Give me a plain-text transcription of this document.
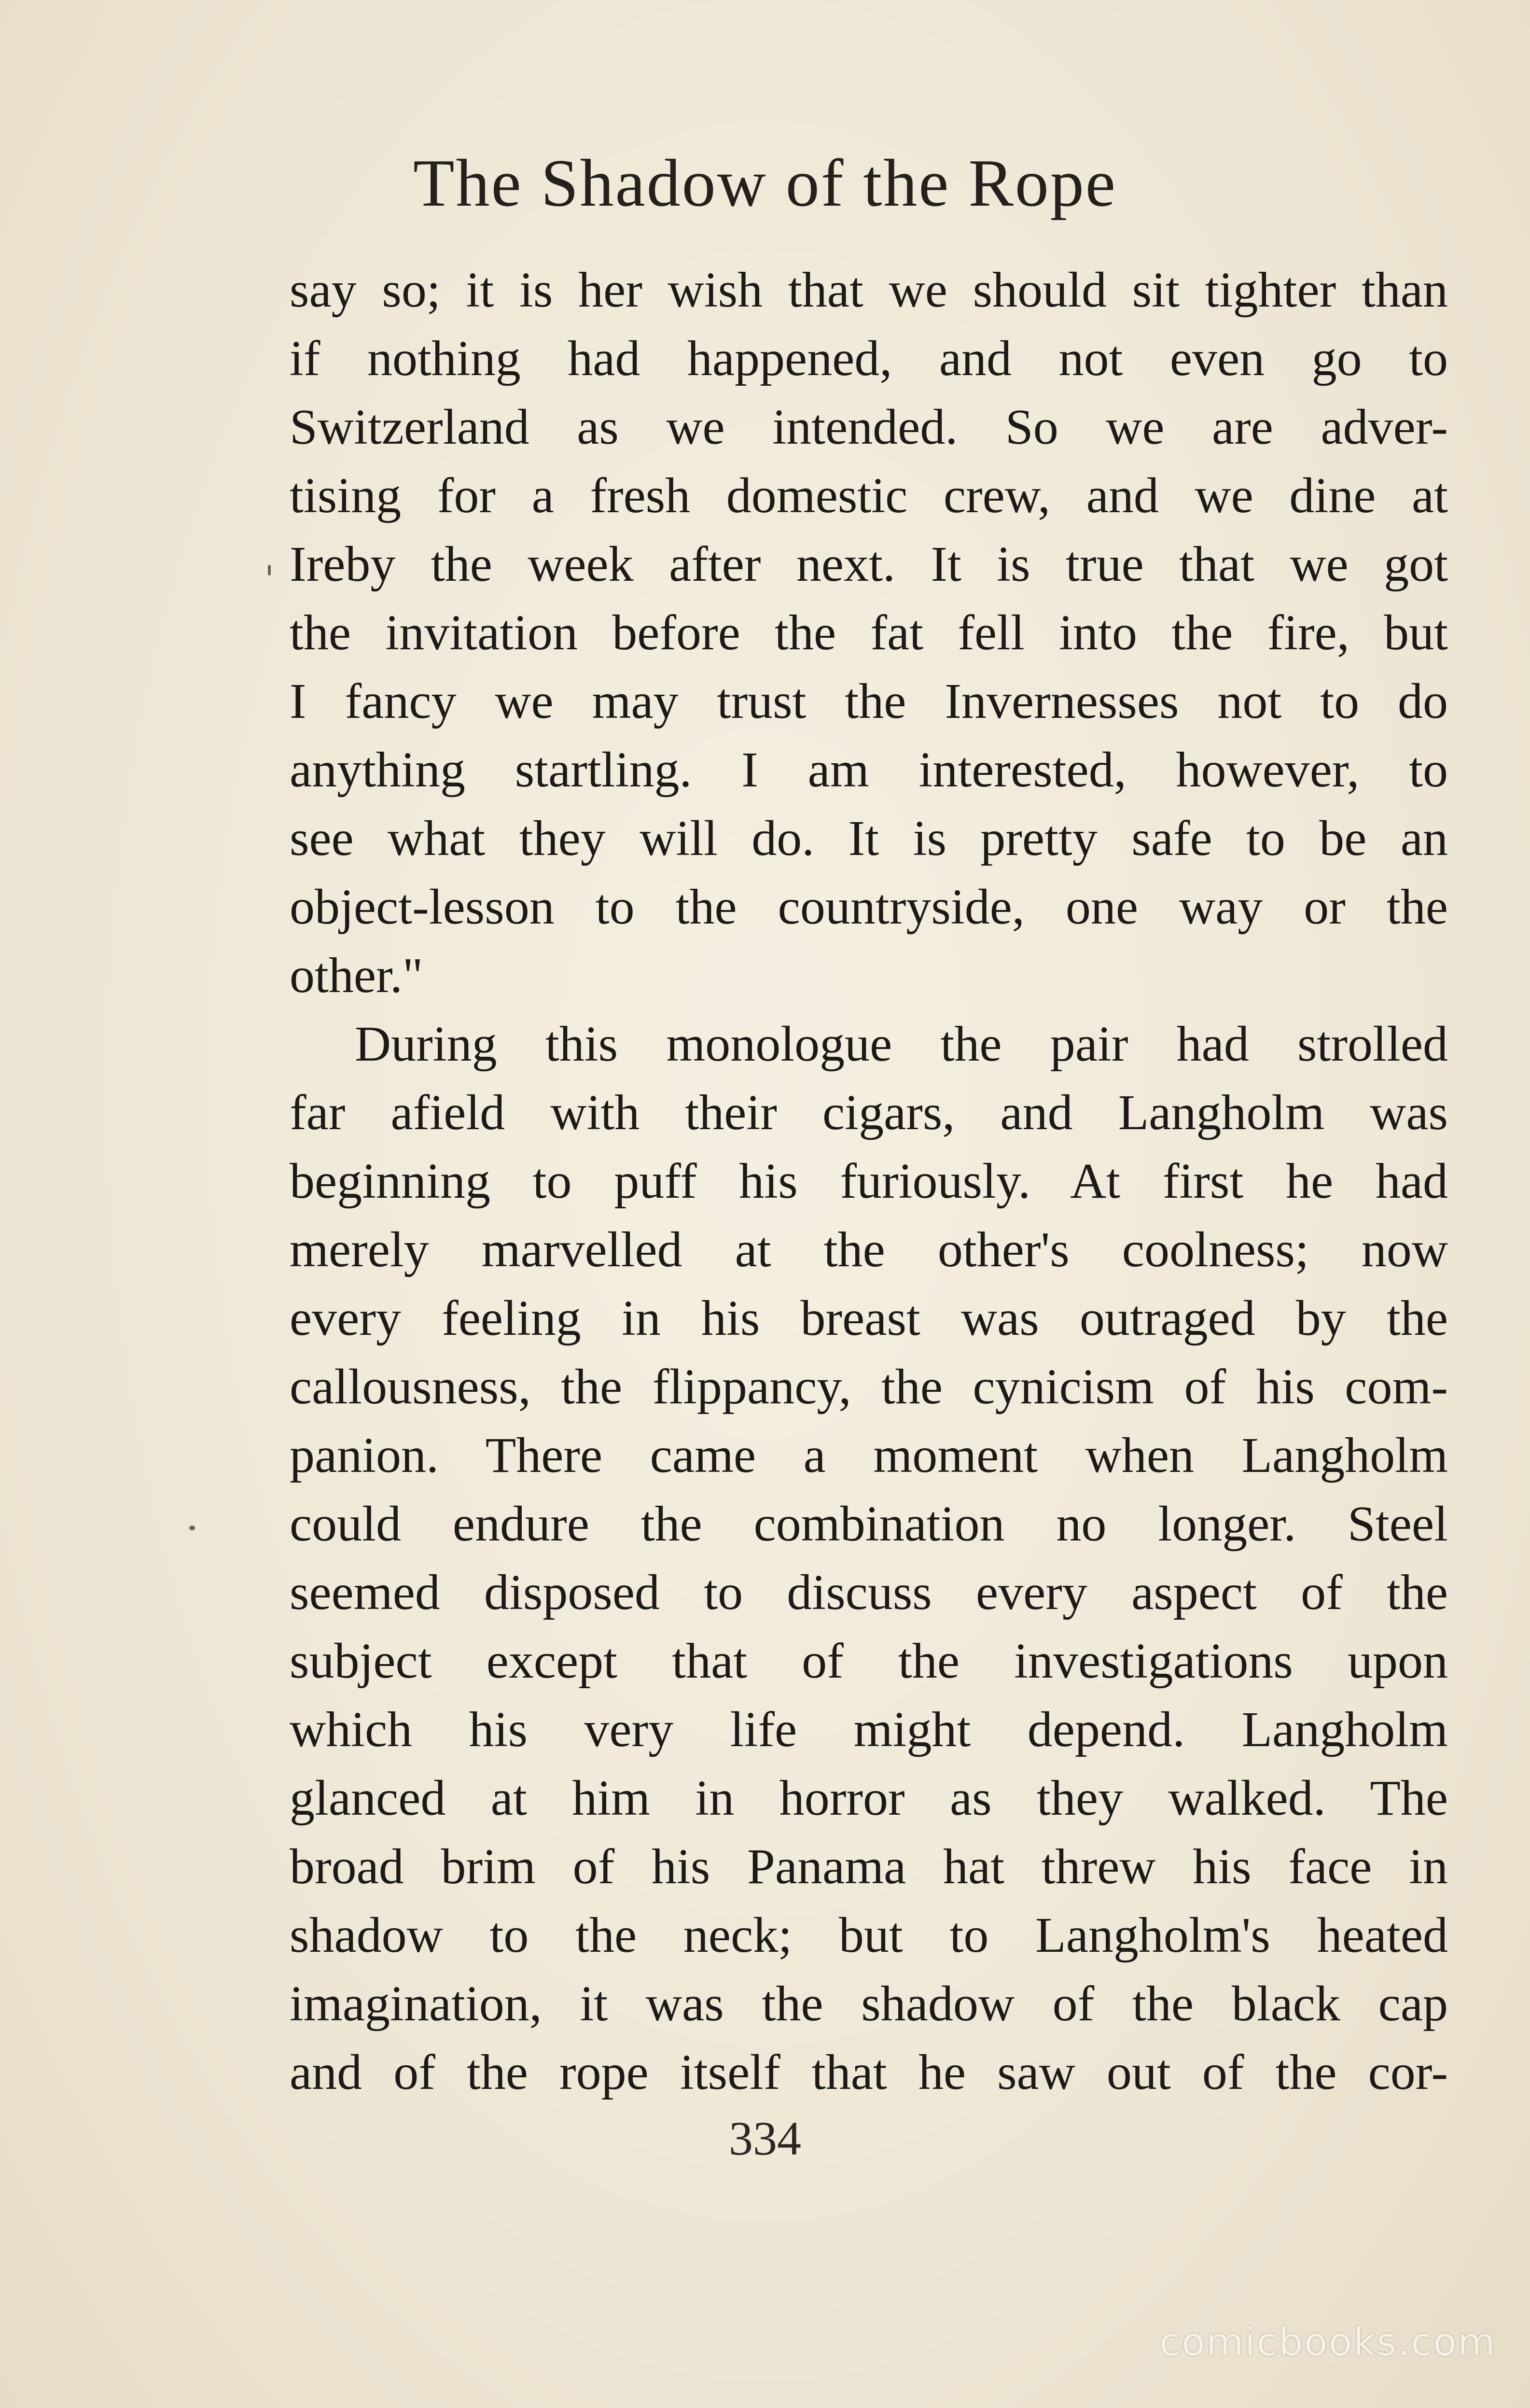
The Shadow of the Rope
say so; it is her wish that we should sit tighter than
if nothing had happened, and not even go to
Switzerland as we intended. So we are adver-
tising for a fresh domestic crew, and we dine at
Ireby the week after next. It is true that we got
the invitation before the fat fell into the fire, but
I fancy we may trust the Invernesses not to do
anything startling. I am interested, however, to
see what they will do. It is pretty safe to be an
object-lesson to the countryside, one way or the
other."
During this monologue the pair had strolled
far afield with their cigars, and Langholm was
beginning to puff his furiously. At first he had
merely marvelled at the other's coolness; now
every feeling in his breast was outraged by the
callousness, the flippancy, the cynicism of his com-
panion. There came a moment when Langholm
could endure the combination no longer. Steel
seemed disposed to discuss every aspect of the
subject except that of the investigations upon
which his very life might depend. Langholm
glanced at him in horror as they walked. The
broad brim of his Panama hat threw his face in
shadow to the neck; but to Langholm's heated
imagination, it was the shadow of the black cap
and of the rope itself that he saw out of the cor-
334
comicbooks.com
